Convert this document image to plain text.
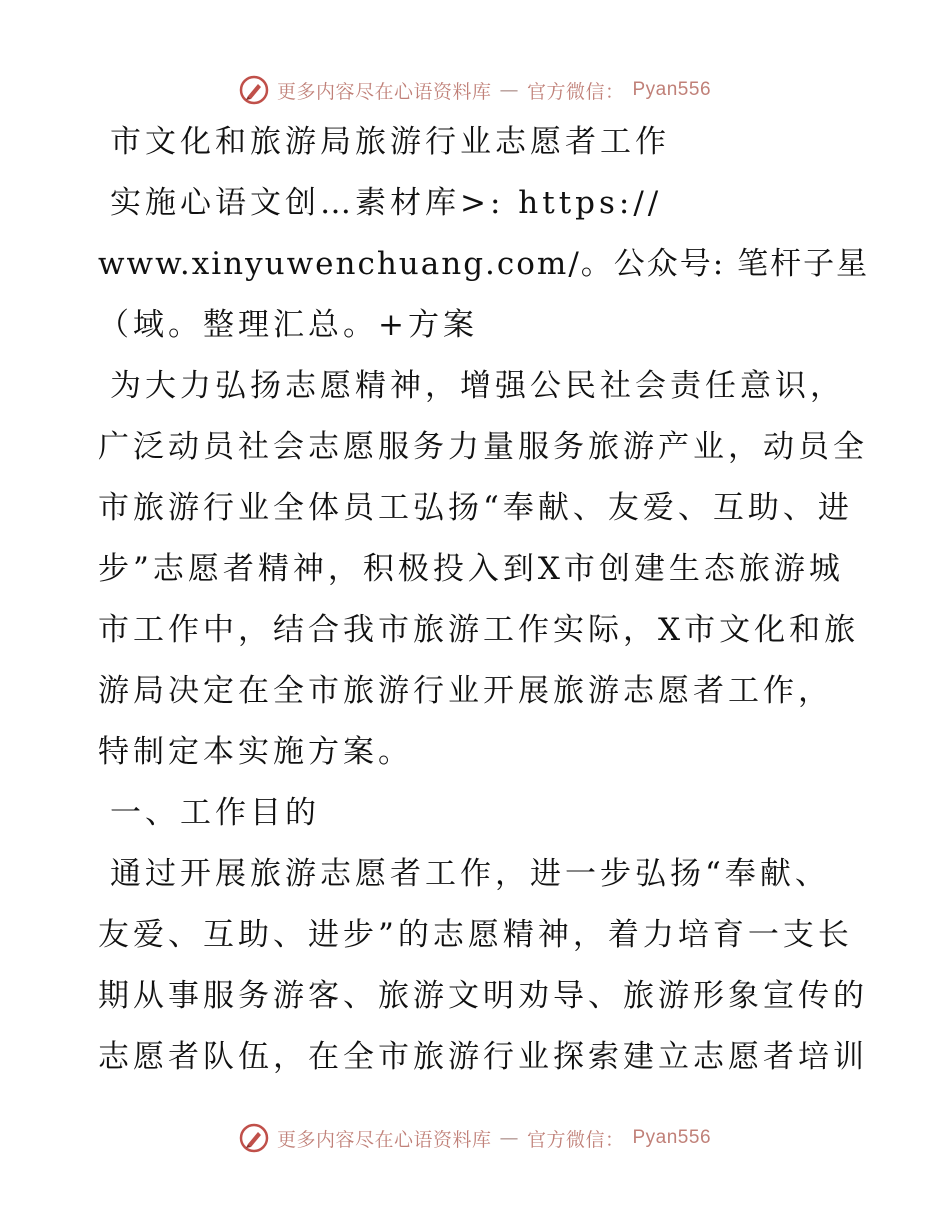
更多内容尽在心语资料库 — 官方微信： Pyan556
市文化和旅游局旅游行业志愿者工作
实施心语文创…素材库>: https://
www.xinyuwenchuang.com/。公众号: 笔杆子星
（域。整理汇总。+方案
为大力弘扬志愿精神，增强公民社会责任意识，
广泛动员社会志愿服务力量服务旅游产业，动员全
市旅游行业全体员工弘扬“奉献、友爱、互助、进
步”志愿者精神，积极投入到X市创建生态旅游城
市工作中，结合我市旅游工作实际，X市文化和旅
游局决定在全市旅游行业开展旅游志愿者工作，
特制定本实施方案。
一、工作目的
通过开展旅游志愿者工作，进一步弘扬“奉献、
友爱、互助、进步”的志愿精神，着力培育一支长
期从事服务游客、旅游文明劝导、旅游形象宣传的
志愿者队伍，在全市旅游行业探索建立志愿者培训
更多内容尽在心语资料库 — 官方微信： Pyan556
